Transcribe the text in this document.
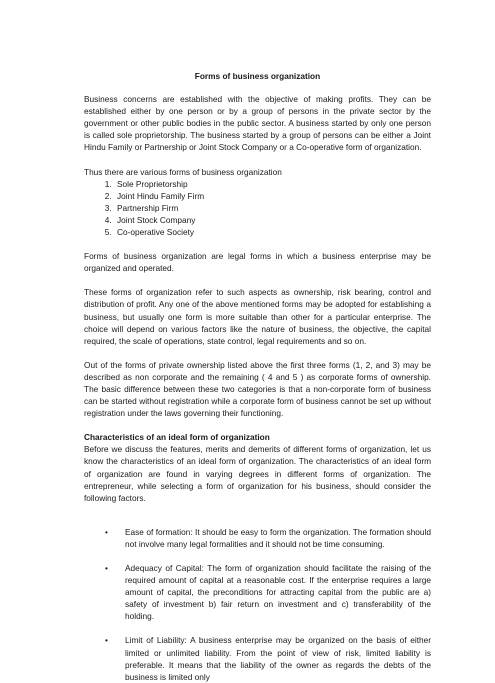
Forms of business organization

Business concerns are established with the objective of making profits. They can be established either by one person or by a group of persons in the private sector by the government or other public bodies in the public sector. A business started by only one person is called sole proprietorship. The business started by a group of persons can be either a Joint Hindu Family or Partnership or Joint Stock Company or a Co-operative form of organization.

Thus there are various forms of business organization

1. Sole Proprietorship
2. Joint Hindu Family Firm
3. Partnership Firm
4. Joint Stock Company
5. Co-operative Society

Forms of business organization are legal forms in which a business enterprise may be organized and operated.

These forms of organization refer to such aspects as ownership, risk bearing, control and distribution of profit. Any one of the above mentioned forms may be adopted for establishing a business, but usually one form is more suitable than other for a particular enterprise. The choice will depend on various factors like the nature of business, the objective, the capital required, the scale of operations, state control, legal requirements and so on.

Out of the forms of private ownership listed above the first three forms (1, 2, and 3) may be described as non corporate and the remaining ( 4 and 5 ) as corporate forms of ownership. The basic difference between these two categories is that a non-corporate form of business can be started without registration while a corporate form of business cannot be set up without registration under the laws governing their functioning.

Characteristics of an ideal form of organization

Before we discuss the features, merits and demerits of different forms of organization, let us know the characteristics of an ideal form of organization. The characteristics of an ideal form of organization are found in varying degrees in different forms of organization. The entrepreneur, while selecting a form of organization for his business, should consider the following factors.

• Ease of formation: It should be easy to form the organization. The formation should not involve many legal formalities and it should not be time consuming.
• Adequacy of Capital: The form of organization should facilitate the raising of the required amount of capital at a reasonable cost. If the enterprise requires a large amount of capital, the preconditions for attracting capital from the public are a) safety of investment b) fair return on investment and c) transferability of the holding.
• Limit of Liability: A business enterprise may be organized on the basis of either limited or unlimited liability. From the point of view of risk, limited liability is preferable. It means that the liability of the owner as regards the debts of the business is limited only
